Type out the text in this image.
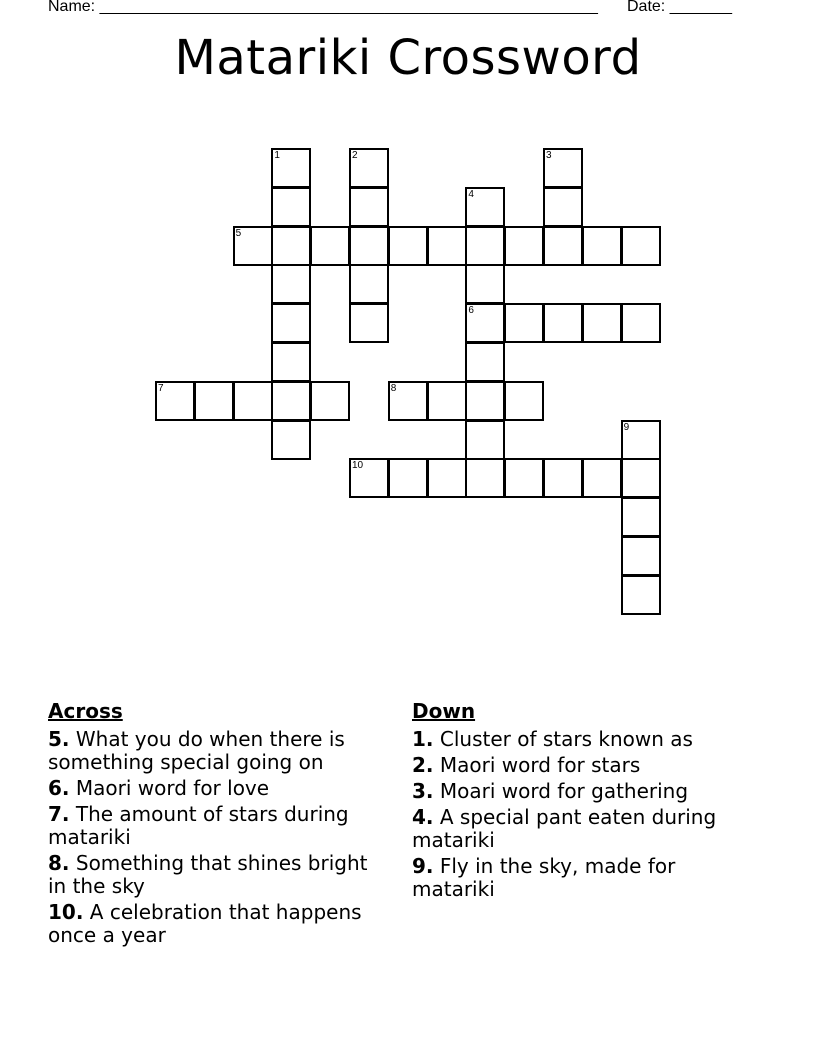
Name: ________________________________________________________ Date: _______
Matariki Crossword
1	2	3
4
6
5
7	8
9
10
Across
5. What you do when there is something special going on
6. Maori word for love
7. The amount of stars during matariki
8. Something that shines bright in the sky
10. A celebration that happens once a year
Down
1. Cluster of stars known as
2. Maori word for stars
3. Moari word for gathering
4. A special pant eaten during matariki
9. Fly in the sky, made for matariki
